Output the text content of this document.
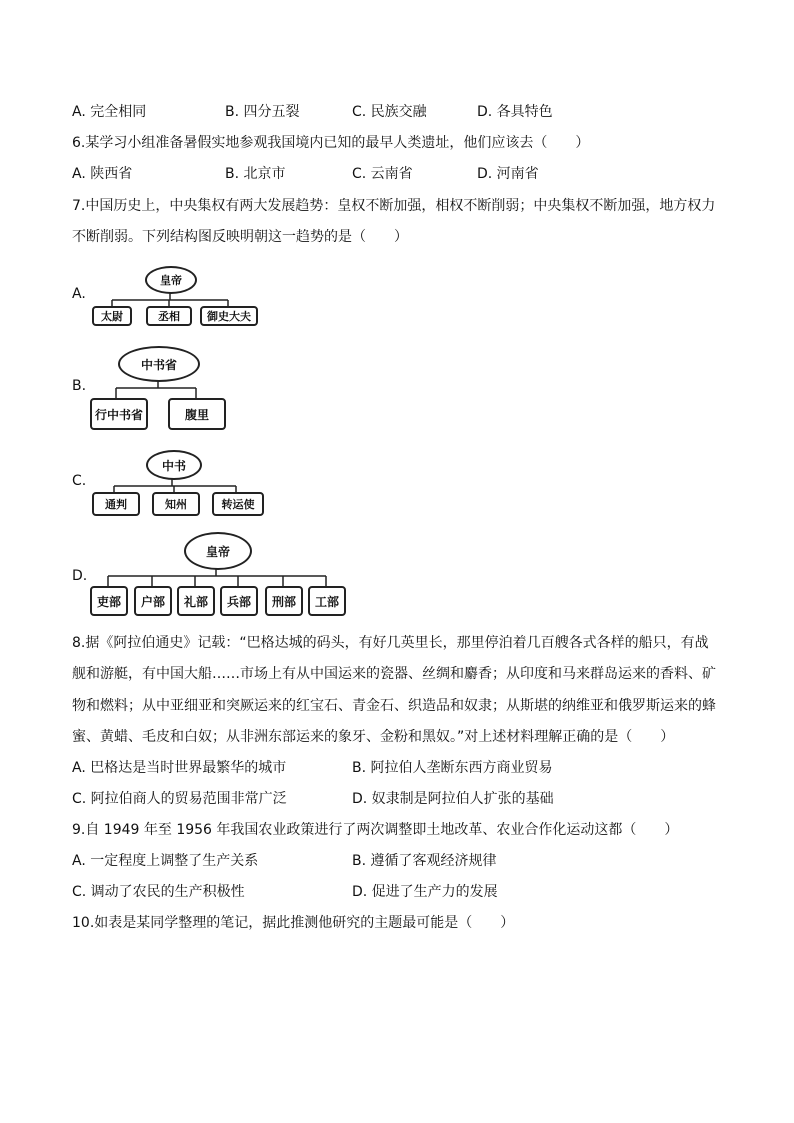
A. 完全相同	B. 四分五裂	C. 民族交融	D. 各具特色
6.某学习小组准备暑假实地参观我国境内已知的最早人类遗址，他们应该去（　　）
A. 陕西省	B. 北京市	C. 云南省	D. 河南省
7.中国历史上，中央集权有两大发展趋势：皇权不断加强，相权不断削弱；中央集权不断加强，地方权力
不断削弱。下列结构图反映明朝这一趋势的是（　　）
A.
皇帝
太尉	丞相	御史大夫
B.
中书省
行中书省	腹里
C.
中书
通判	知州	转运使
D.
皇帝
吏部	户部	礼部	兵部	刑部	工部
8.据《阿拉伯通史》记载：“巴格达城的码头，有好几英里长，那里停泊着几百艘各式各样的船只，有战
舰和游艇，有中国大船……市场上有从中国运来的瓷器、丝绸和麝香；从印度和马来群岛运来的香料、矿
物和燃料；从中亚细亚和突厥运来的红宝石、青金石、织造品和奴隶；从斯堪的纳维亚和俄罗斯运来的蜂
蜜、黄蜡、毛皮和白奴；从非洲东部运来的象牙、金粉和黑奴。”对上述材料理解正确的是（　　）
A. 巴格达是当时世界最繁华的城市	B. 阿拉伯人垄断东西方商业贸易
C. 阿拉伯商人的贸易范围非常广泛	D. 奴隶制是阿拉伯人扩张的基础
9.自 1949 年至 1956 年我国农业政策进行了两次调整即土地改革、农业合作化运动这都（　　）
A. 一定程度上调整了生产关系	B. 遵循了客观经济规律
C. 调动了农民的生产积极性	D. 促进了生产力的发展
10.如表是某同学整理的笔记，据此推测他研究的主题最可能是（　　）
